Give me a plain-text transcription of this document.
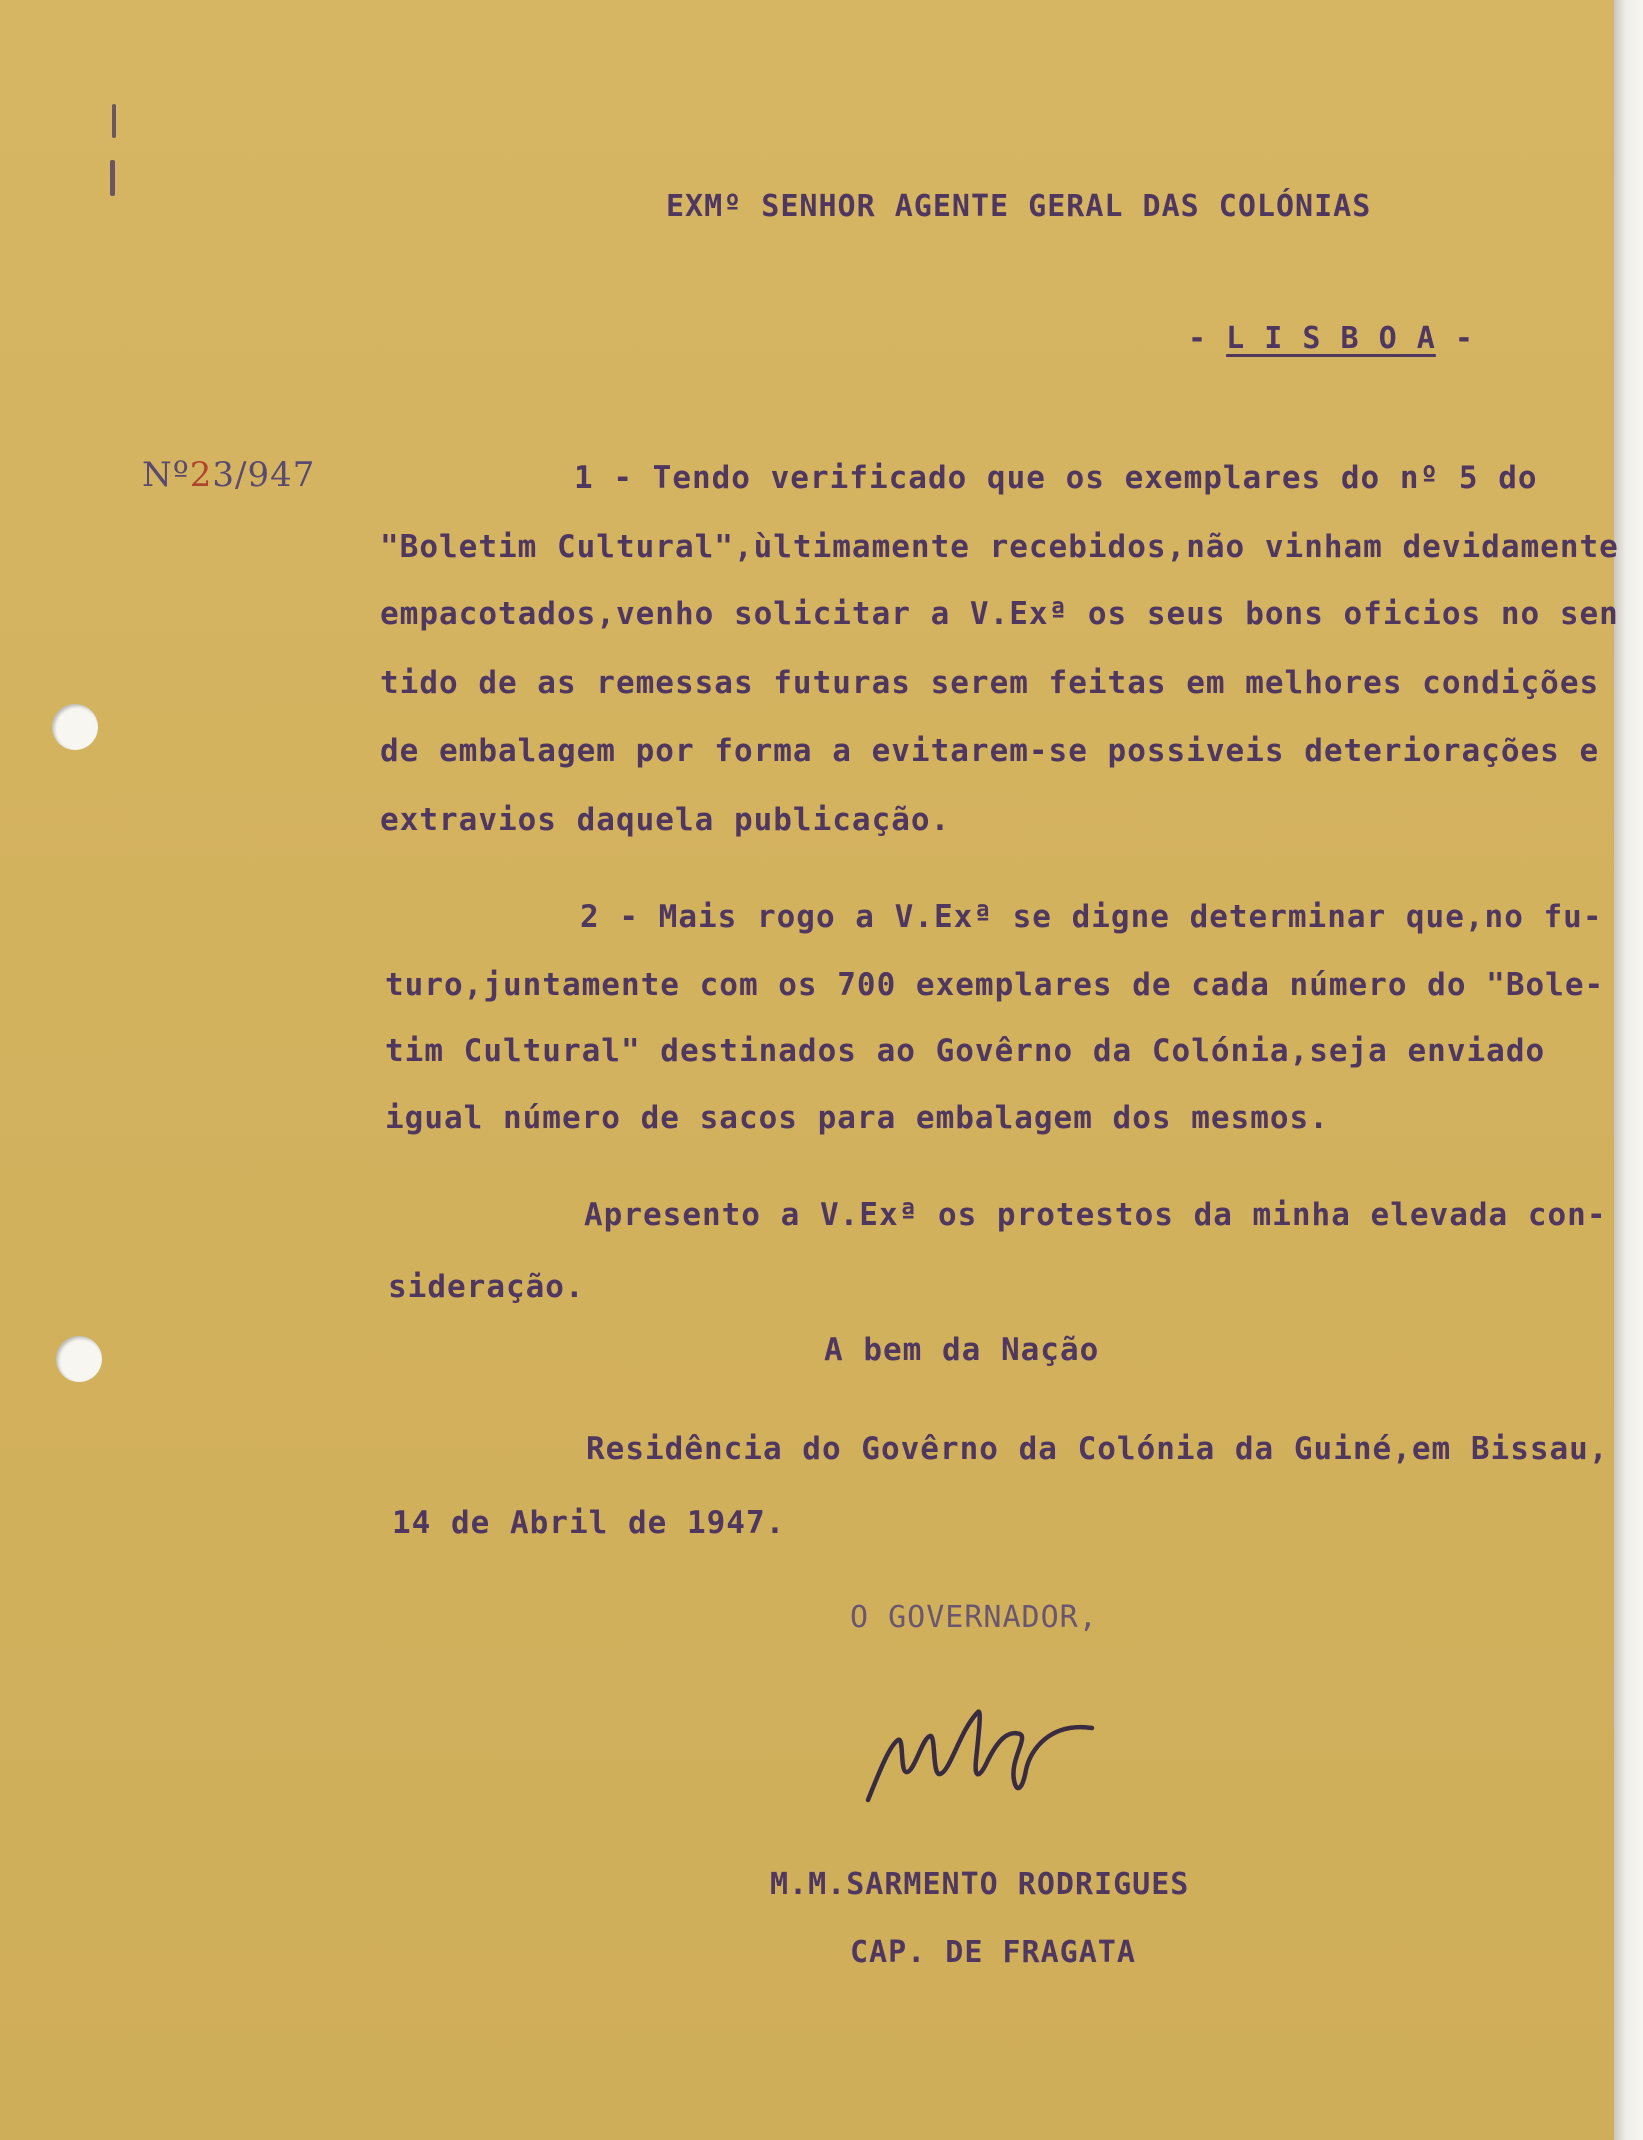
EXMº SENHOR AGENTE GERAL DAS COLÓNIAS
- L I S B O A -
Nº23/947	1 - Tendo verificado que os exemplares do nº 5 do
"Boletim Cultural",ùltimamente recebidos,não vinham devidamente
empacotados,venho solicitar a V.Exª os seus bons oficios no sen
tido de as remessas futuras serem feitas em melhores condições
de embalagem por forma a evitarem-se possiveis deteriorações e
extravios daquela publicação.
2 - Mais rogo a V.Exª se digne determinar que,no fu-
turo,juntamente com os 700 exemplares de cada número do "Bole-
tim Cultural" destinados ao Govêrno da Colónia,seja enviado
igual número de sacos para embalagem dos mesmos.
Apresento a V.Exª os protestos da minha elevada con-
sideração.
A bem da Nação
Residência do Govêrno da Colónia da Guiné,em Bissau,
14 de Abril de 1947.
O GOVERNADOR,
M.M.SARMENTO RODRIGUES
CAP. DE FRAGATA
